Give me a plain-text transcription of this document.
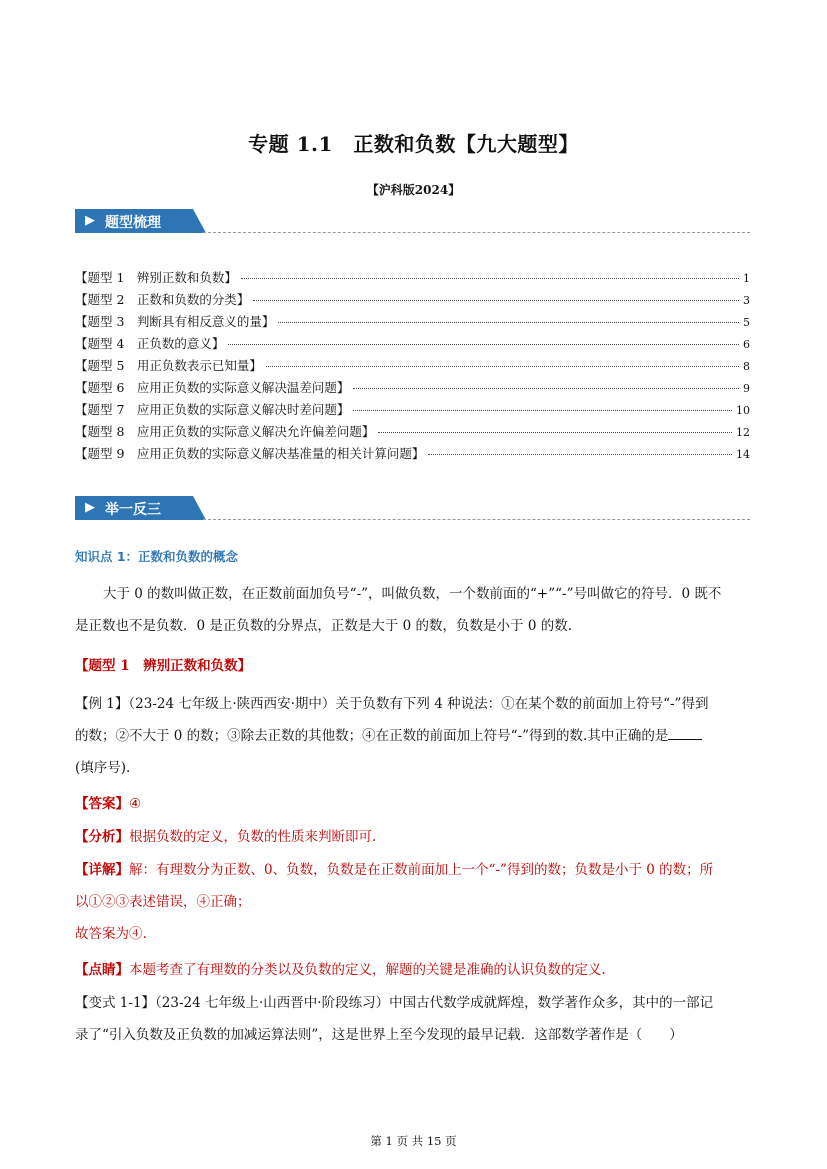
专题 1.1　正数和负数【九大题型】
【沪科版2024】
▶ 题型梳理
【题型 1　辨别正数和负数】	1
【题型 2　正数和负数的分类】	3
【题型 3　判断具有相反意义的量】	5
【题型 4　正负数的意义】	6
【题型 5　用正负数表示已知量】	8
【题型 6　应用正负数的实际意义解决温差问题】	9
【题型 7　应用正负数的实际意义解决时差问题】	10
【题型 8　应用正负数的实际意义解决允许偏差问题】	12
【题型 9　应用正负数的实际意义解决基准量的相关计算问题】	14
▶ 举一反三
知识点 1：正数和负数的概念

大于 0 的数叫做正数，在正数前面加负号“-”，叫做负数，一个数前面的“+”“-”号叫做它的符号．0 既不

是正数也不是负数．0 是正负数的分界点，正数是大于 0 的数，负数是小于 0 的数.

【题型 1　辨别正数和负数】

【例 1】（23-24 七年级上·陕西西安·期中）关于负数有下列 4 种说法：①在某个数的前面加上符号“-”得到

的数；②不大于 0 的数；③除去正数的其他数；④在正数的前面加上符号“-”得到的数.其中正确的是

(填序号).

【答案】④

【分析】根据负数的定义，负数的性质来判断即可.

【详解】解：有理数分为正数、0、负数，负数是在正数前面加上一个“-”得到的数；负数是小于 0 的数；所

以①②③表述错误，④正确；

故答案为④.

【点睛】本题考查了有理数的分类以及负数的定义，解题的关键是准确的认识负数的定义.

【变式 1-1】（23-24 七年级上·山西晋中·阶段练习）中国古代数学成就辉煌，数学著作众多，其中的一部记

录了“引入负数及正负数的加减运算法则”，这是世界上至今发现的最早记载．这部数学著作是（　　）

第 1 页 共 15 页
